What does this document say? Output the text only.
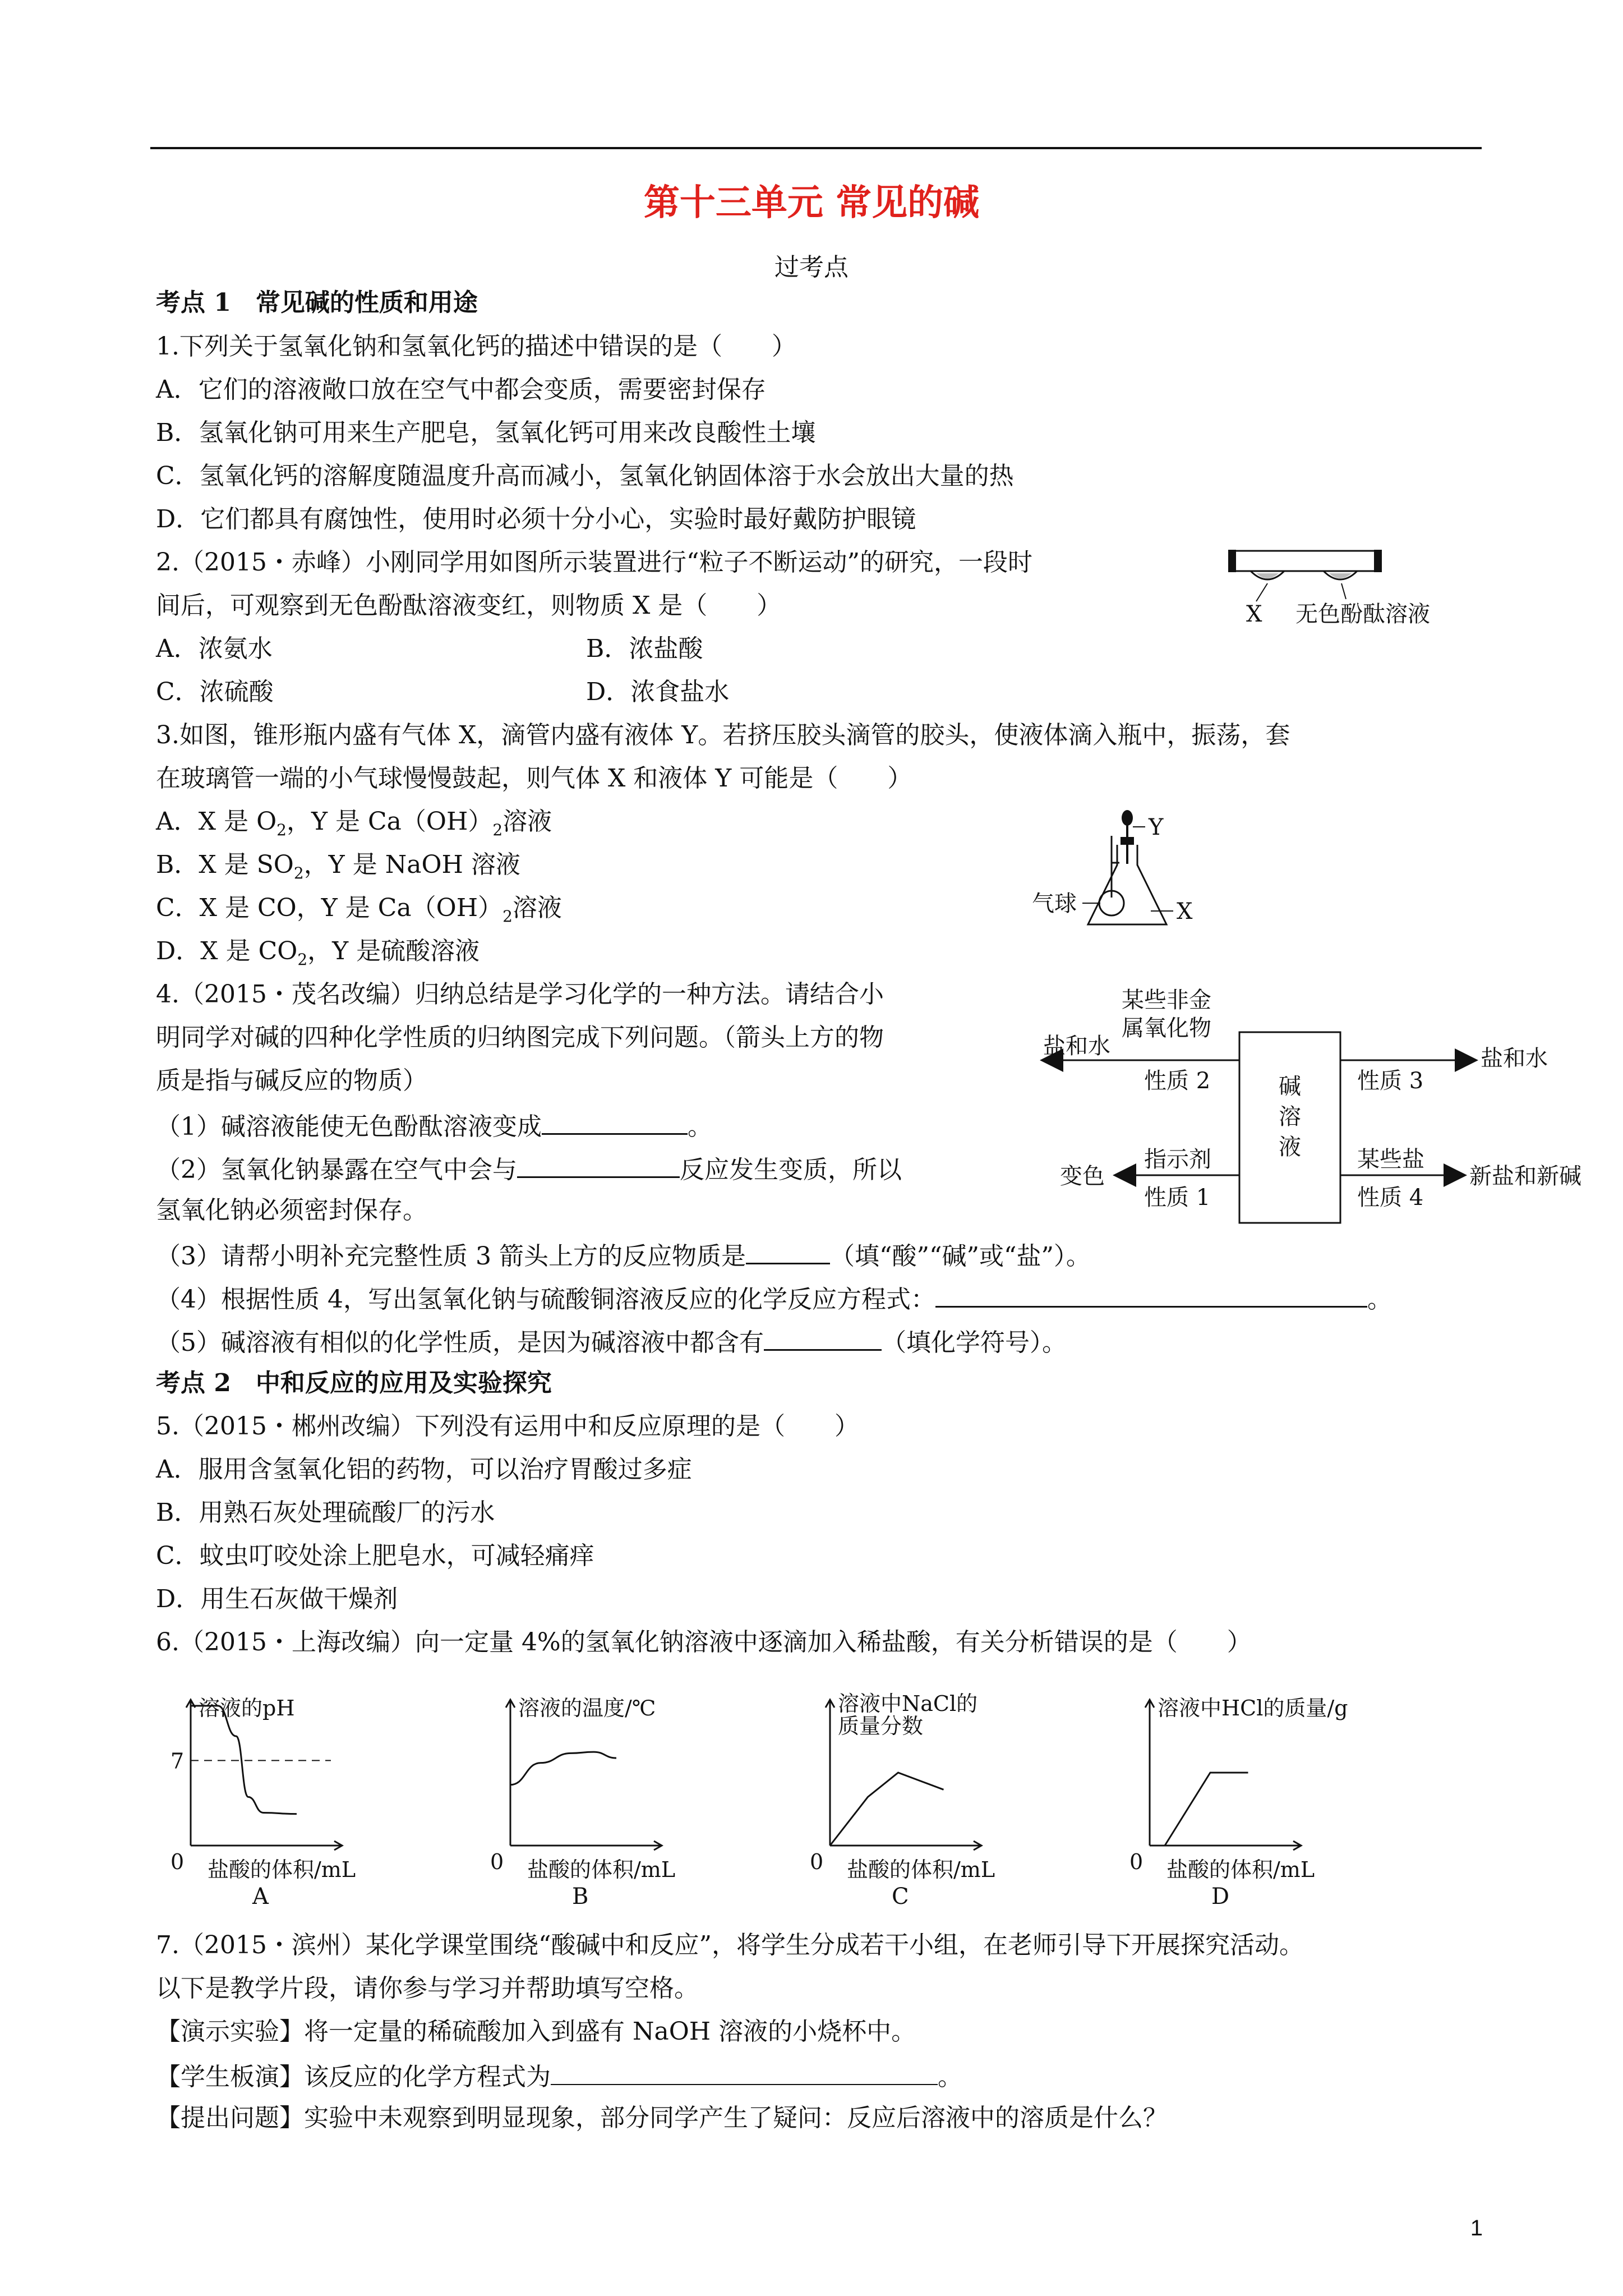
第十三单元 常见的碱
过考点
考点 1　常见碱的性质和用途
1.下列关于氢氧化钠和氢氧化钙的描述中错误的是（　　）
A．它们的溶液敞口放在空气中都会变质，需要密封保存
B．氢氧化钠可用来生产肥皂，氢氧化钙可用来改良酸性土壤
C．氢氧化钙的溶解度随温度升高而减小，氢氧化钠固体溶于水会放出大量的热
D．它们都具有腐蚀性，使用时必须十分小心，实验时最好戴防护眼镜
2.（2015・赤峰）小刚同学用如图所示装置进行“粒子不断运动”的研究，一段时
间后，可观察到无色酚酞溶液变红，则物质 X 是（　　）
A．浓氨水	B．浓盐酸
C．浓硫酸	D．浓食盐水
X 无色酚酞溶液
3.如图，锥形瓶内盛有气体 X，滴管内盛有液体 Y。若挤压胶头滴管的胶头，使液体滴入瓶中，振荡，套
在玻璃管一端的小气球慢慢鼓起，则气体 X 和液体 Y 可能是（　　）
A．X 是 $O_2$，Y 是 $Ca(OH)_2$溶液
B．X 是 $SO_2$，Y 是 NaOH 溶液
C．X 是 CO，Y 是 $Ca(OH)_2$溶液
D．X 是 $CO_2$，Y 是硫酸溶液
Y
气球	X
4.（2015・茂名改编）归纳总结是学习化学的一种方法。请结合小
明同学对碱的四种化学性质的归纳图完成下列问题。（箭头上方的物
质是指与碱反应的物质）
（1）碱溶液能使无色酚酞溶液变成	。
（2）氢氧化钠暴露在空气中会与	反应发生变质，所以
氢氧化钠必须密封保存。
（3）请帮小明补充完整性质 3 箭头上方的反应物质是	（填“酸”“碱”或“盐”）。
（4）根据性质 4，写出氢氧化钠与硫酸铜溶液反应的化学反应方程式：	。
（5）碱溶液有相似的化学性质，是因为碱溶液中都含有	（填化学符号）。
碱
溶
液
某些非金
属氧化物
盐和水
性质 2
盐和水
性质 3
指示剂
变色
性质 1
某些盐
新盐和新碱
性质 4
考点 2　中和反应的应用及实验探究
5.（2015・郴州改编）下列没有运用中和反应原理的是（　　）
A．服用含氢氧化铝的药物，可以治疗胃酸过多症
B．用熟石灰处理硫酸厂的污水
C．蚊虫叮咬处涂上肥皂水，可减轻痛痒
D．用生石灰做干燥剂
6.（2015・上海改编）向一定量 4%的氢氧化钠溶液中逐滴加入稀盐酸，有关分析错误的是（　　）
溶液的pH
0 盐酸的体积/mL
A
7
溶液的温度/℃
0 盐酸的体积/mL
B
溶液中NaCl的
质量分数
0 盐酸的体积/mL
C
溶液中HCl的质量/g
0 盐酸的体积/mL
D
7.（2015・滨州）某化学课堂围绕“酸碱中和反应”，将学生分成若干小组，在老师引导下开展探究活动。
以下是教学片段，请你参与学习并帮助填写空格。
【演示实验】将一定量的稀硫酸加入到盛有 NaOH 溶液的小烧杯中。
【学生板演】该反应的化学方程式为	。
【提出问题】实验中未观察到明显现象，部分同学产生了疑问：反应后溶液中的溶质是什么？
1
